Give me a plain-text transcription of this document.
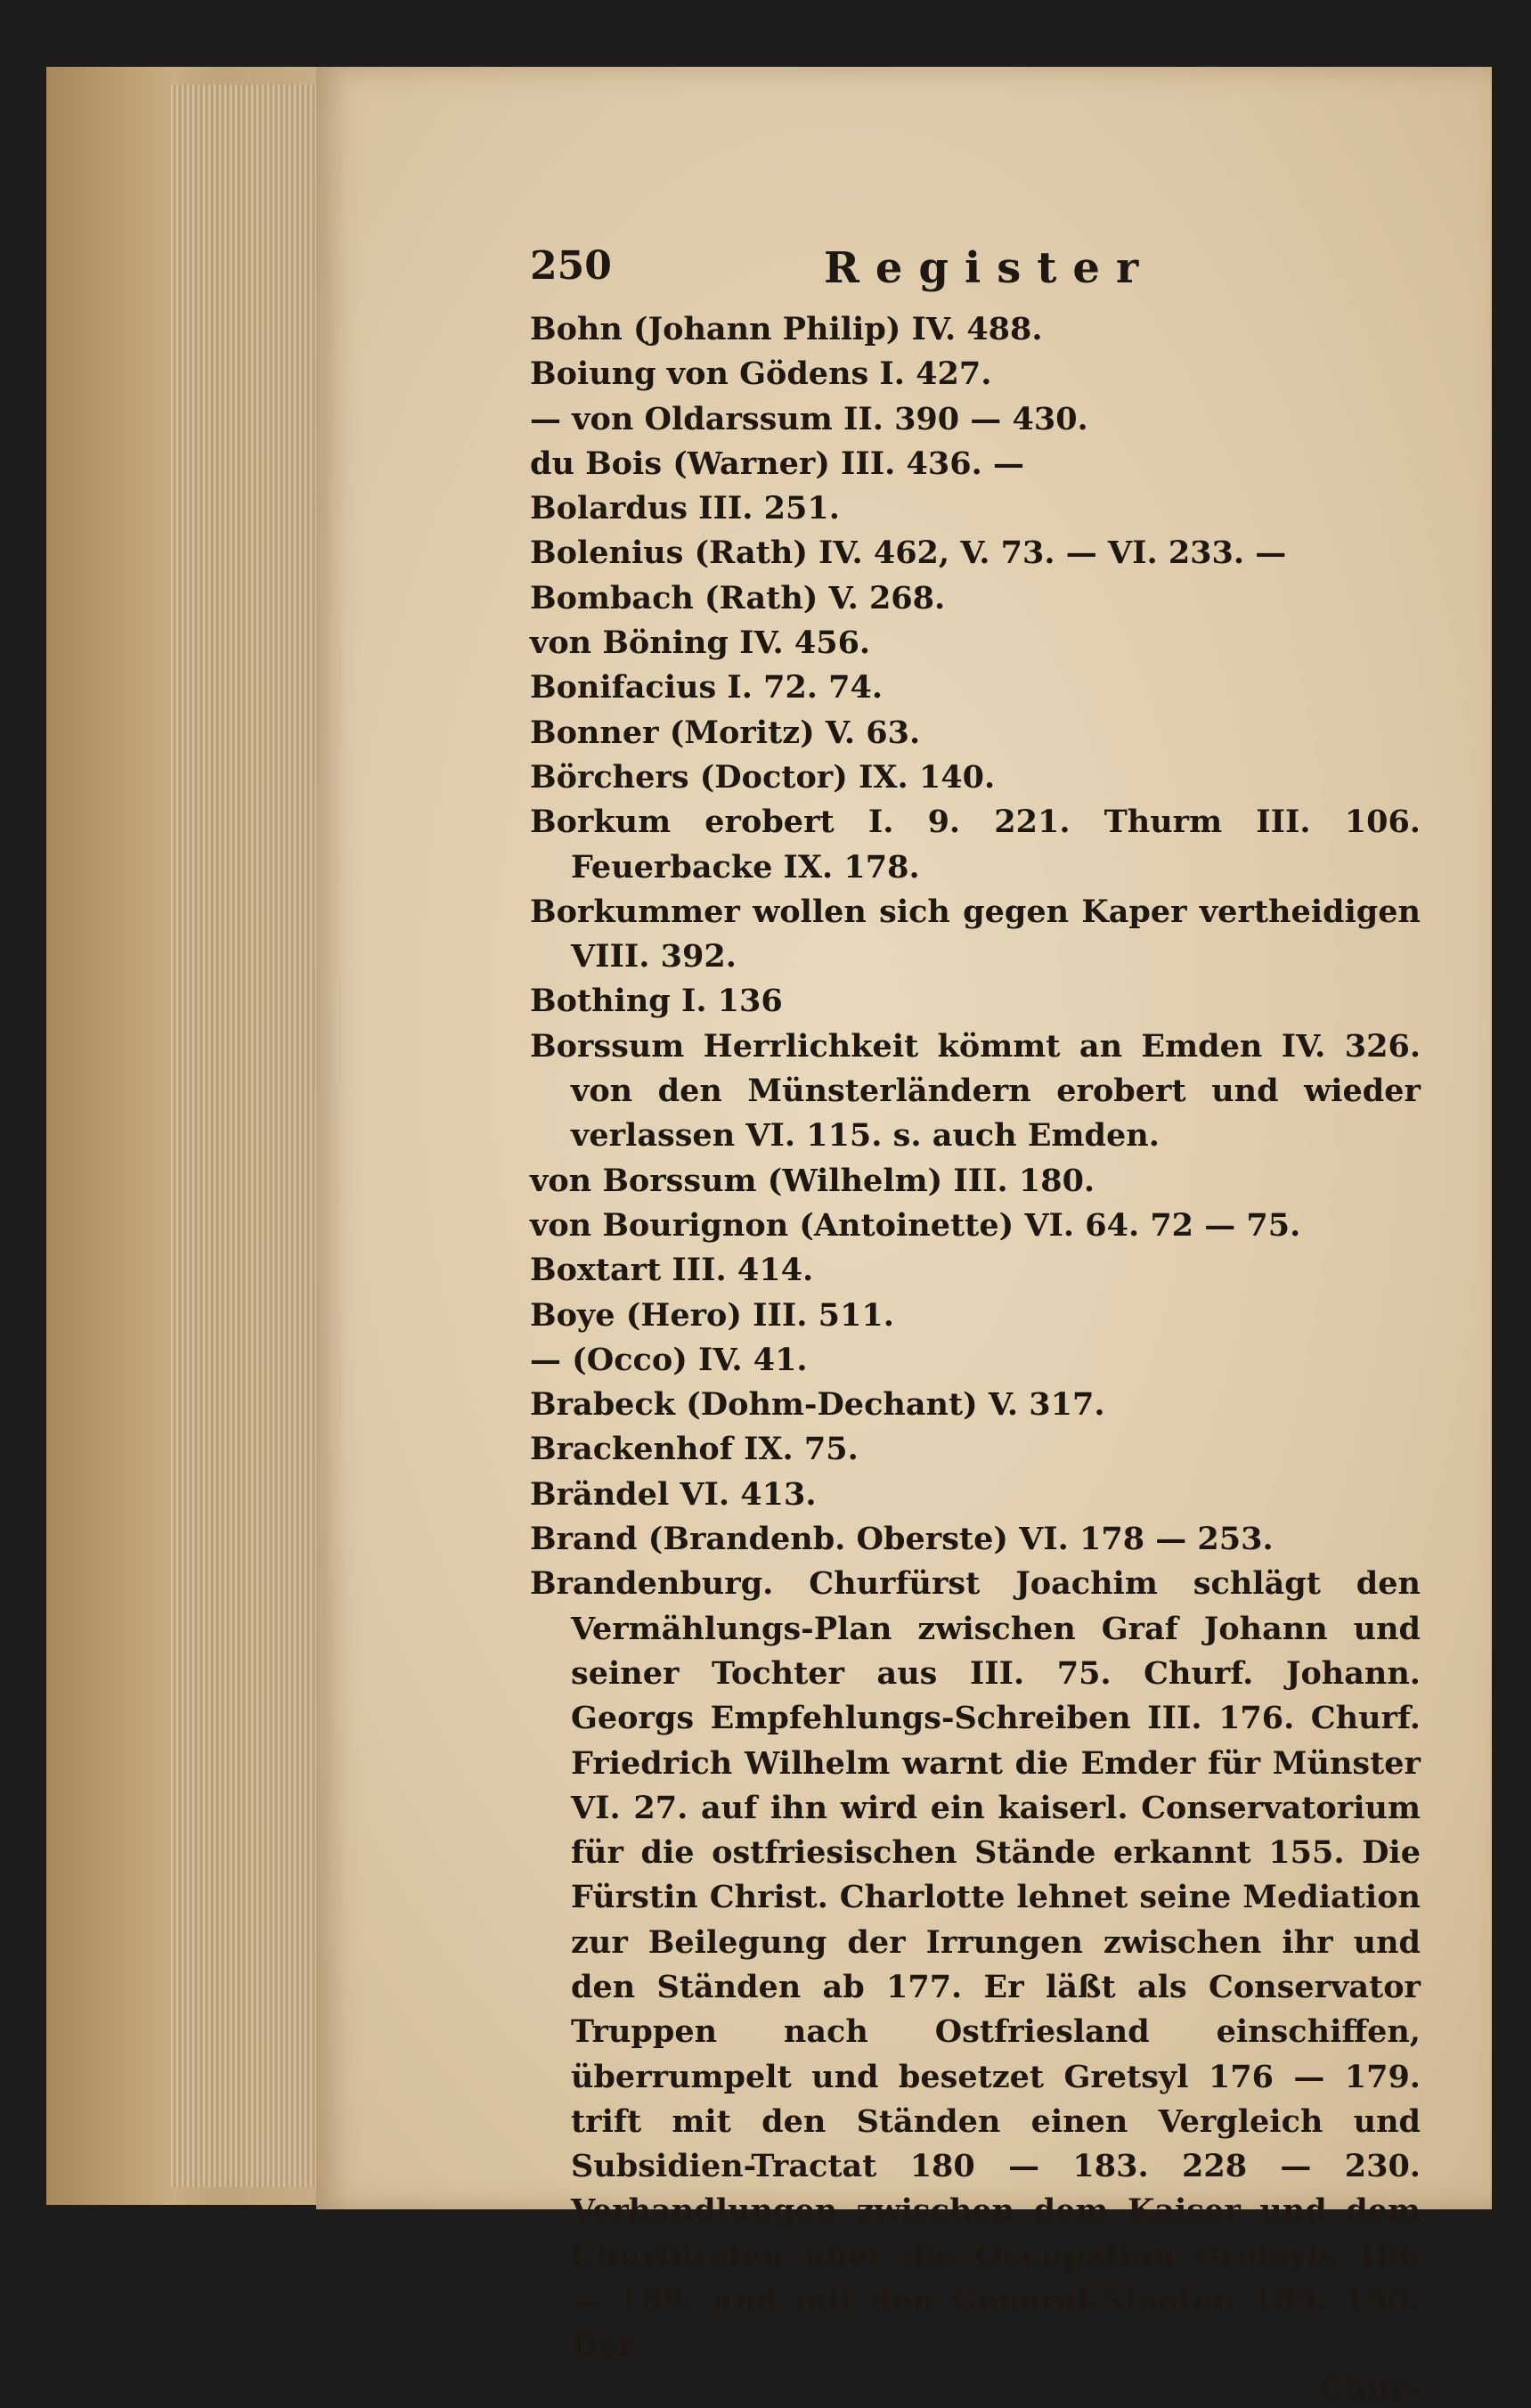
250	Register

Bohn (Johann Philip) IV. 488.

Boiung von Gödens I. 427.

— von Oldarssum II. 390 — 430.

du Bois (Warner) III. 436. —

Bolardus III. 251.

Bolenius (Rath) IV. 462, V. 73. — VI. 233. —

Bombach (Rath) V. 268.

von Böning IV. 456.

Bonifacius I. 72. 74.

Bonner (Moritz) V. 63.

Börchers (Doctor) IX. 140.

Borkum erobert I. 9. 221. Thurm III. 106. Feuerbacke IX. 178.

Borkummer wollen sich gegen Kaper vertheidigen VIII. 392.

Bothing I. 136

Borssum Herrlichkeit kömmt an Emden IV. 326. von den Münsterländern erobert und wieder verlassen VI. 115. s. auch Emden.

von Borssum (Wilhelm) III. 180.

von Bourignon (Antoinette) VI. 64. 72 — 75.

Boxtart III. 414.

Boye (Hero) III. 511.

— (Occo) IV. 41.

Brabeck (Dohm-Dechant) V. 317.

Brackenhof IX. 75.

Brändel VI. 413.

Brand (Brandenb. Oberste) VI. 178 — 253.

Brandenburg. Churfürst Joachim schlägt den Vermählungs-Plan zwischen Graf Johann und seiner Tochter aus III. 75. Churf. Johann. Georgs Empfehlungs-Schreiben III. 176. Churf. Friedrich Wilhelm warnt die Emder für Münster VI. 27. auf ihn wird ein kaiserl. Conservatorium für die ostfriesischen Stände erkannt 155. Die Fürstin Christ. Charlotte lehnet seine Mediation zur Beilegung der Irrungen zwischen ihr und den Ständen ab 177. Er läßt als Conservator Truppen nach Ostfriesland einschiffen, überrumpelt und besetzet Gretsyl 176 — 179. trift mit den Ständen einen Vergleich und Subsidien-Tractat 180 — 183. 228 — 230. Verhandlungen zwischen dem Kaiser und dem Churfürsten über die Occupation Gretsyls 186 — 189. und mit den General-Staaten 189. 190. Der

Chur-
